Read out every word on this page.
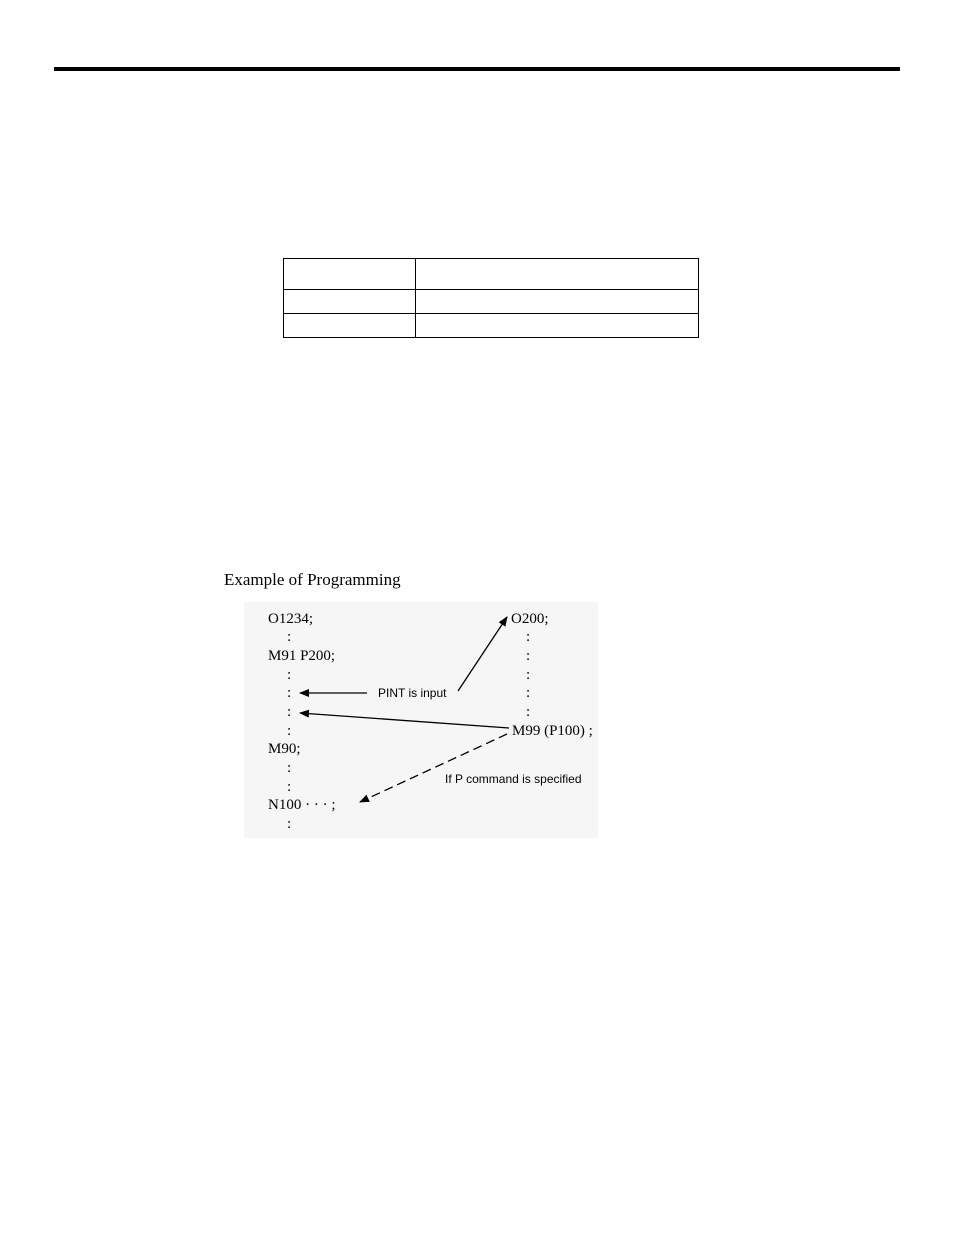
Example of Programming
O1234;
:
M91 P200;
:
:
:
:
M90;
:
:
N100 · · · ;
:
O200;
:
:
:
:
:
M99 (P100) ;
PINT is input
If P command is specified
